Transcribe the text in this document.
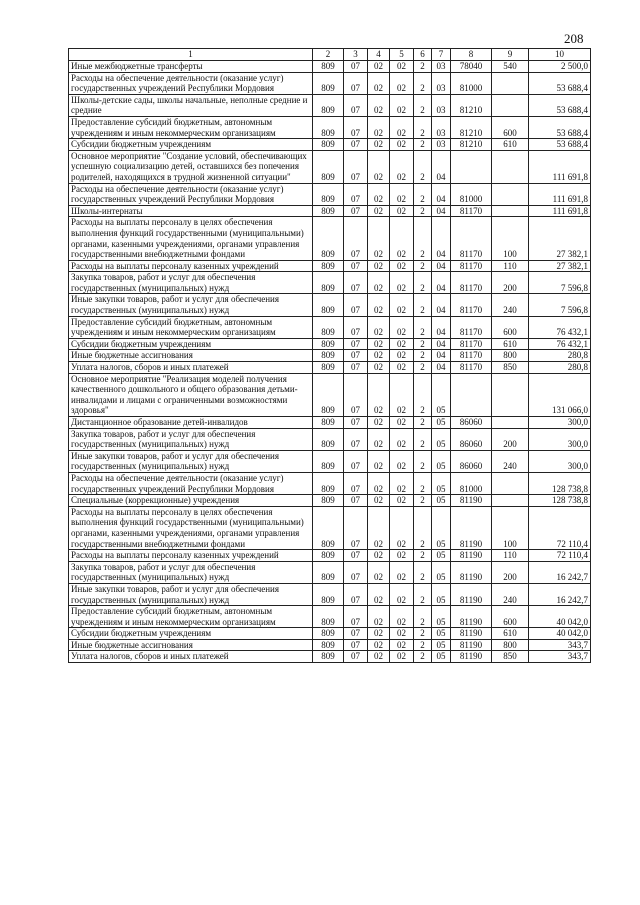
208
1	2	3	4	5	6	7	8	9	10
Иные межбюджетные трансферты	809	07	02	02	2	03	78040	540	2 500,0
Расходы на обеспечение деятельности (оказание услуг) государственных учреждений Республики Мордовия	809	07	02	02	2	03	81000		53 688,4
Школы-детские сады, школы начальные, неполные средние и средние	809	07	02	02	2	03	81210		53 688,4
Предоставление субсидий бюджетным, автономным учреждениям и иным некоммерческим организациям	809	07	02	02	2	03	81210	600	53 688,4
Субсидии бюджетным учреждениям	809	07	02	02	2	03	81210	610	53 688,4
Основное мероприятие "Создание условий, обеспечивающих успешную социализацию детей, оставшихся без попечения родителей, находящихся в трудной жизненной ситуации"	809	07	02	02	2	04			111 691,8
Расходы на обеспечение деятельности (оказание услуг) государственных учреждений Республики Мордовия	809	07	02	02	2	04	81000		111 691,8
Школы-интернаты	809	07	02	02	2	04	81170		111 691,8
Расходы на выплаты персоналу в целях обеспечения выполнения функций государственными (муниципальными) органами, казенными учреждениями, органами управления государственными внебюджетными фондами	809	07	02	02	2	04	81170	100	27 382,1
Расходы на выплаты персоналу казенных учреждений	809	07	02	02	2	04	81170	110	27 382,1
Закупка товаров, работ и услуг для обеспечения государственных (муниципальных) нужд	809	07	02	02	2	04	81170	200	7 596,8
Иные закупки товаров, работ и услуг для обеспечения государственных (муниципальных) нужд	809	07	02	02	2	04	81170	240	7 596,8
Предоставление субсидий бюджетным, автономным учреждениям и иным некоммерческим организациям	809	07	02	02	2	04	81170	600	76 432,1
Субсидии бюджетным учреждениям	809	07	02	02	2	04	81170	610	76 432,1
Иные бюджетные ассигнования	809	07	02	02	2	04	81170	800	280,8
Уплата налогов, сборов и иных платежей	809	07	02	02	2	04	81170	850	280,8
Основное мероприятие "Реализация моделей получения качественного дошкольного и общего образования детьми-инвалидами и лицами с ограниченными возможностями здоровья"	809	07	02	02	2	05			131 066,0
Дистанционное образование детей-инвалидов	809	07	02	02	2	05	86060		300,0
Закупка товаров, работ и услуг для обеспечения государственных (муниципальных) нужд	809	07	02	02	2	05	86060	200	300,0
Иные закупки товаров, работ и услуг для обеспечения государственных (муниципальных) нужд	809	07	02	02	2	05	86060	240	300,0
Расходы на обеспечение деятельности (оказание услуг) государственных учреждений Республики Мордовия	809	07	02	02	2	05	81000		128 738,8
Специальные (коррекционные) учреждения	809	07	02	02	2	05	81190		128 738,8
Расходы на выплаты персоналу в целях обеспечения выполнения функций государственными (муниципальными) органами, казенными учреждениями, органами управления государственными внебюджетными фондами	809	07	02	02	2	05	81190	100	72 110,4
Расходы на выплаты персоналу казенных учреждений	809	07	02	02	2	05	81190	110	72 110,4
Закупка товаров, работ и услуг для обеспечения государственных (муниципальных) нужд	809	07	02	02	2	05	81190	200	16 242,7
Иные закупки товаров, работ и услуг для обеспечения государственных (муниципальных) нужд	809	07	02	02	2	05	81190	240	16 242,7
Предоставление субсидий бюджетным, автономным учреждениям и иным некоммерческим организациям	809	07	02	02	2	05	81190	600	40 042,0
Субсидии бюджетным учреждениям	809	07	02	02	2	05	81190	610	40 042,0
Иные бюджетные ассигнования	809	07	02	02	2	05	81190	800	343,7
Уплата налогов, сборов и иных платежей	809	07	02	02	2	05	81190	850	343,7
